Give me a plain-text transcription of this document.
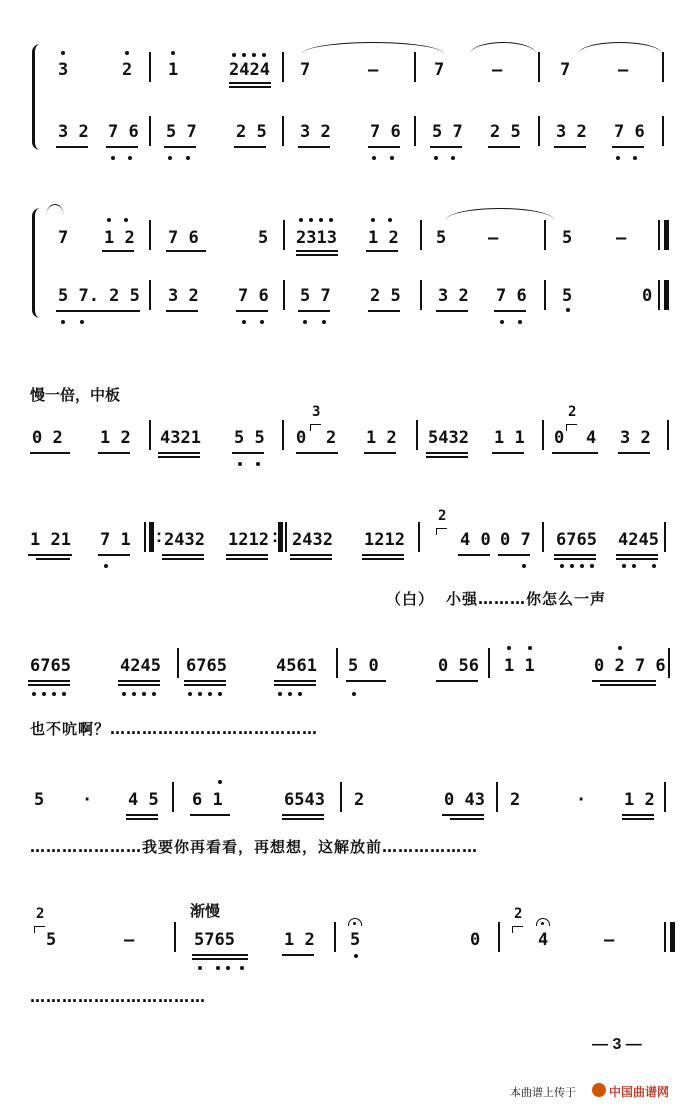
3	2 1	2424 7	—	7	—	7	—
3 2 7 6 5 7 2 5 3 2 7 6 5 7 2 5 3 2 7 6
7 1 2 7 6	5 2313 1 2 5 —	5	—
5 7. 2 5 3 2 7 6 5 7 2 5 3 2 7 6 5	0
慢一倍，中板
0 2 1 2 4321 5 5 0 2 1 2 5432 1 1 0 4 3 2
3	2
1 21 7 1 : 2432 1212 : 2432 1212	4 0 0 7 6765 4245
2
（白） 小强………你怎么一声
6765	4245 6765	4561 5 0	0 56 1 1	0 2 7 6
也不吭啊？…………………………………
5 · 4 5 6 1	6543 2	0 43 2	· 1 2
…………………我要你再看看，再想想，这解放前………………
渐慢
5	—	5765	1 2 5	0	4	—
2	2
……………………………
— 3 —
本曲谱上传于	中国曲谱网
